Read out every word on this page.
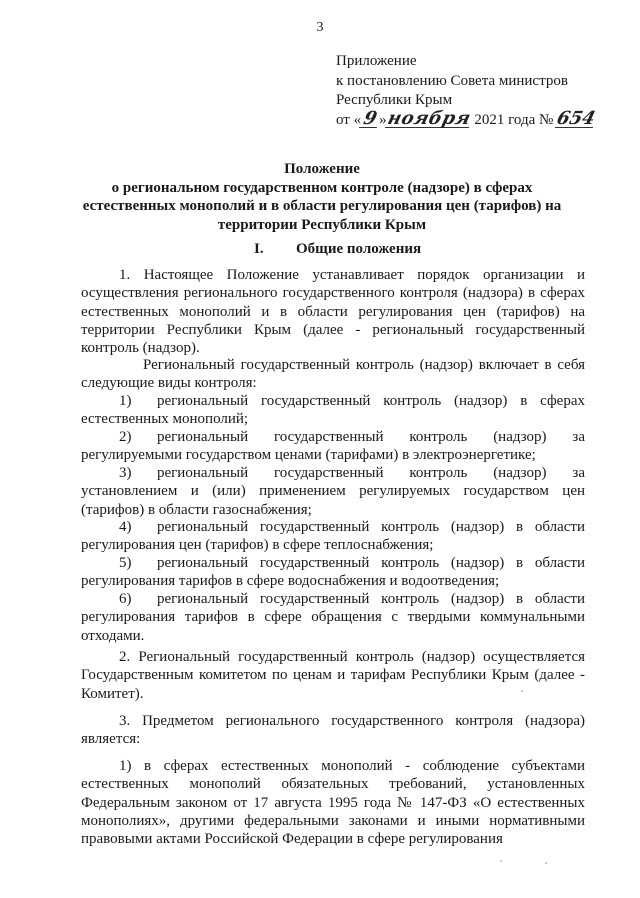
3
Приложение
к постановлению Совета министров
Республики Крым
от «9»ноября 2021 года № 654
Положение
о региональном государственном контроле (надзоре) в сферах
естественных монополий и в области регулирования цен (тарифов) на
территории Республики Крым
I. Общие положения
1. Настоящее Положение устанавливает порядок организации и осуществления регионального государственного контроля (надзора) в сферах естественных монополий и в области регулирования цен (тарифов) на территории Республики Крым (далее - региональный государственный контроль (надзор).
Региональный государственный контроль (надзор) включает в себя следующие виды контроля:
1) региональный государственный контроль (надзор) в сферах естественных монополий;
2) региональный государственный контроль (надзор) за регулируемыми государством ценами (тарифами) в электроэнергетике;
3) региональный государственный контроль (надзор) за установлением и (или) применением регулируемых государством цен (тарифов) в области газоснабжения;
4) региональный государственный контроль (надзор) в области регулирования цен (тарифов) в сфере теплоснабжения;
5) региональный государственный контроль (надзор) в области регулирования тарифов в сфере водоснабжения и водоотведения;
6) региональный государственный контроль (надзор) в области регулирования тарифов в сфере обращения с твердыми коммунальными отходами.
2. Региональный государственный контроль (надзор) осуществляется Государственным комитетом по ценам и тарифам Республики Крым (далее - Комитет).
3. Предметом регионального государственного контроля (надзора) является:
1) в сферах естественных монополий - соблюдение субъектами естественных монополий обязательных требований, установленных Федеральным законом от 17 августа 1995 года № 147-ФЗ «О естественных монополиях», другими федеральными законами и иными нормативными правовыми актами Российской Федерации в сфере регулирования
